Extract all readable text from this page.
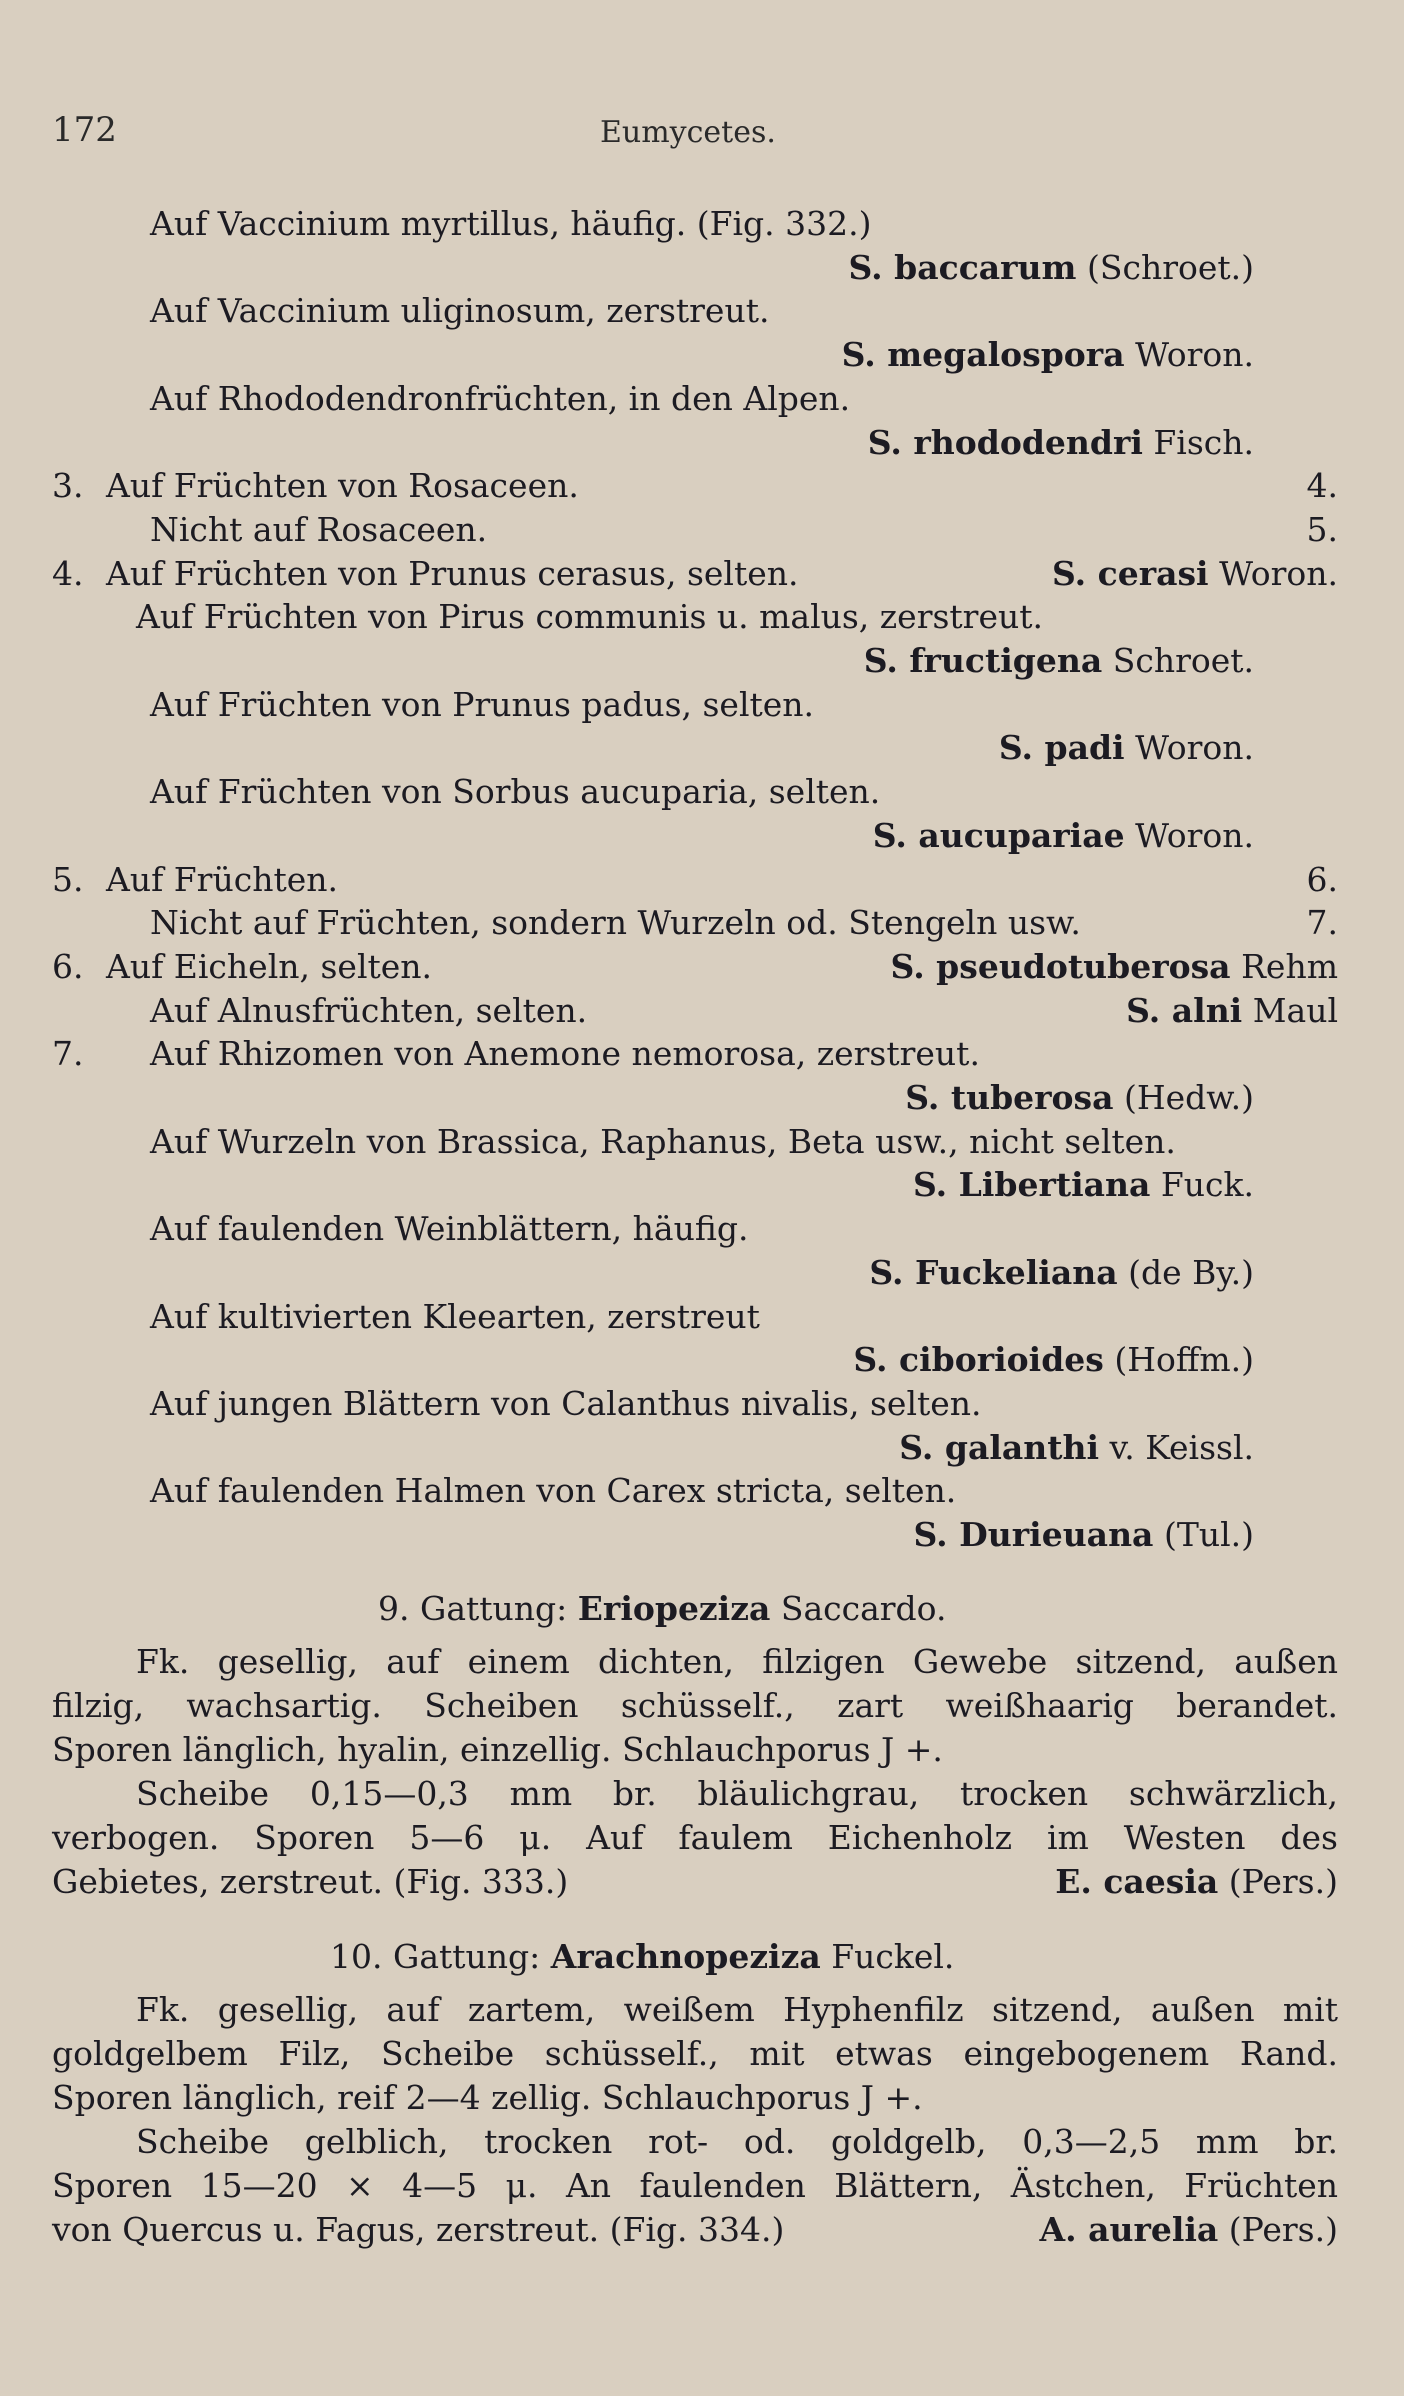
172	Eumycetes.
Auf Vaccinium myrtillus, häufig. (Fig. 332.)
S. baccarum (Schroet.)
Auf Vaccinium uliginosum, zerstreut.
S. megalospora Woron.
Auf Rhododendronfrüchten, in den Alpen.
S. rhododendri Fisch.
3. Auf Früchten von Rosaceen.	4.
Nicht auf Rosaceen.	5.
4. Auf Früchten von Prunus cerasus, selten.	S. cerasi Woron.
Auf Früchten von Pirus communis u. malus, zerstreut.
S. fructigena Schroet.
Auf Früchten von Prunus padus, selten.
S. padi Woron.
Auf Früchten von Sorbus aucuparia, selten.
S. aucupariae Woron.
5. Auf Früchten.	6.
Nicht auf Früchten, sondern Wurzeln od. Stengeln usw.	7.
6. Auf Eicheln, selten.	S. pseudotuberosa Rehm
Auf Alnusfrüchten, selten.	S. alni Maul
7. Auf Rhizomen von Anemone nemorosa, zerstreut.
S. tuberosa (Hedw.)
Auf Wurzeln von Brassica, Raphanus, Beta usw., nicht selten.
S. Libertiana Fuck.
Auf faulenden Weinblättern, häufig.
S. Fuckeliana (de By.)
Auf kultivierten Kleearten, zerstreut
S. ciborioides (Hoffm.)
Auf jungen Blättern von Calanthus nivalis, selten.
S. galanthi v. Keissl.
Auf faulenden Halmen von Carex stricta, selten.
S. Durieuana (Tul.)
9. Gattung: Eriopeziza Saccardo.
Fk. gesellig, auf einem dichten, filzigen Gewebe sitzend, außen
filzig, wachsartig. Scheiben schüsself., zart weißhaarig berandet.
Sporen länglich, hyalin, einzellig. Schlauchporus J +.
Scheibe 0,15—0,3 mm br. bläulichgrau, trocken schwärzlich,
verbogen. Sporen 5—6 μ. Auf faulem Eichenholz im Westen des
Gebietes, zerstreut. (Fig. 333.)	E. caesia (Pers.)
10. Gattung: Arachnopeziza Fuckel.
Fk. gesellig, auf zartem, weißem Hyphenfilz sitzend, außen mit
goldgelbem Filz, Scheibe schüsself., mit etwas eingebogenem Rand.
Sporen länglich, reif 2—4 zellig. Schlauchporus J +.
Scheibe gelblich, trocken rot- od. goldgelb, 0,3—2,5 mm br.
Sporen 15—20 × 4—5 μ. An faulenden Blättern, Ästchen, Früchten
von Quercus u. Fagus, zerstreut. (Fig. 334.)	A. aurelia (Pers.)
